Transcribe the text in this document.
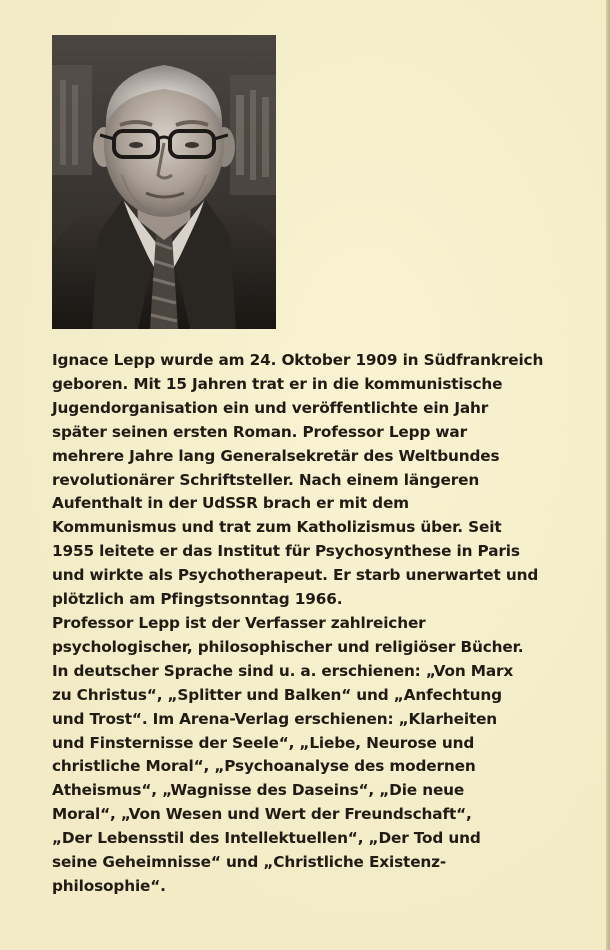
Ignace Lepp wurde am 24. Oktober 1909 in Südfrankreich
geboren. Mit 15 Jahren trat er in die kommunistische
Jugendorganisation ein und veröffentlichte ein Jahr
später seinen ersten Roman. Professor Lepp war
mehrere Jahre lang Generalsekretär des Weltbundes
revolutionärer Schriftsteller. Nach einem längeren
Aufenthalt in der UdSSR brach er mit dem
Kommunismus und trat zum Katholizismus über. Seit
1955 leitete er das Institut für Psychosynthese in Paris
und wirkte als Psychotherapeut. Er starb unerwartet und
plötzlich am Pfingstsonntag 1966.
Professor Lepp ist der Verfasser zahlreicher
psychologischer, philosophischer und religiöser Bücher.
In deutscher Sprache sind u. a. erschienen: „Von Marx
zu Christus“, „Splitter und Balken“ und „Anfechtung
und Trost“. Im Arena-Verlag erschienen: „Klarheiten
und Finsternisse der Seele“, „Liebe, Neurose und
christliche Moral“, „Psychoanalyse des modernen
Atheismus“, „Wagnisse des Daseins“, „Die neue
Moral“, „Von Wesen und Wert der Freundschaft“,
„Der Lebensstil des Intellektuellen“, „Der Tod und
seine Geheimnisse“ und „Christliche Existenz-
philosophie“.
